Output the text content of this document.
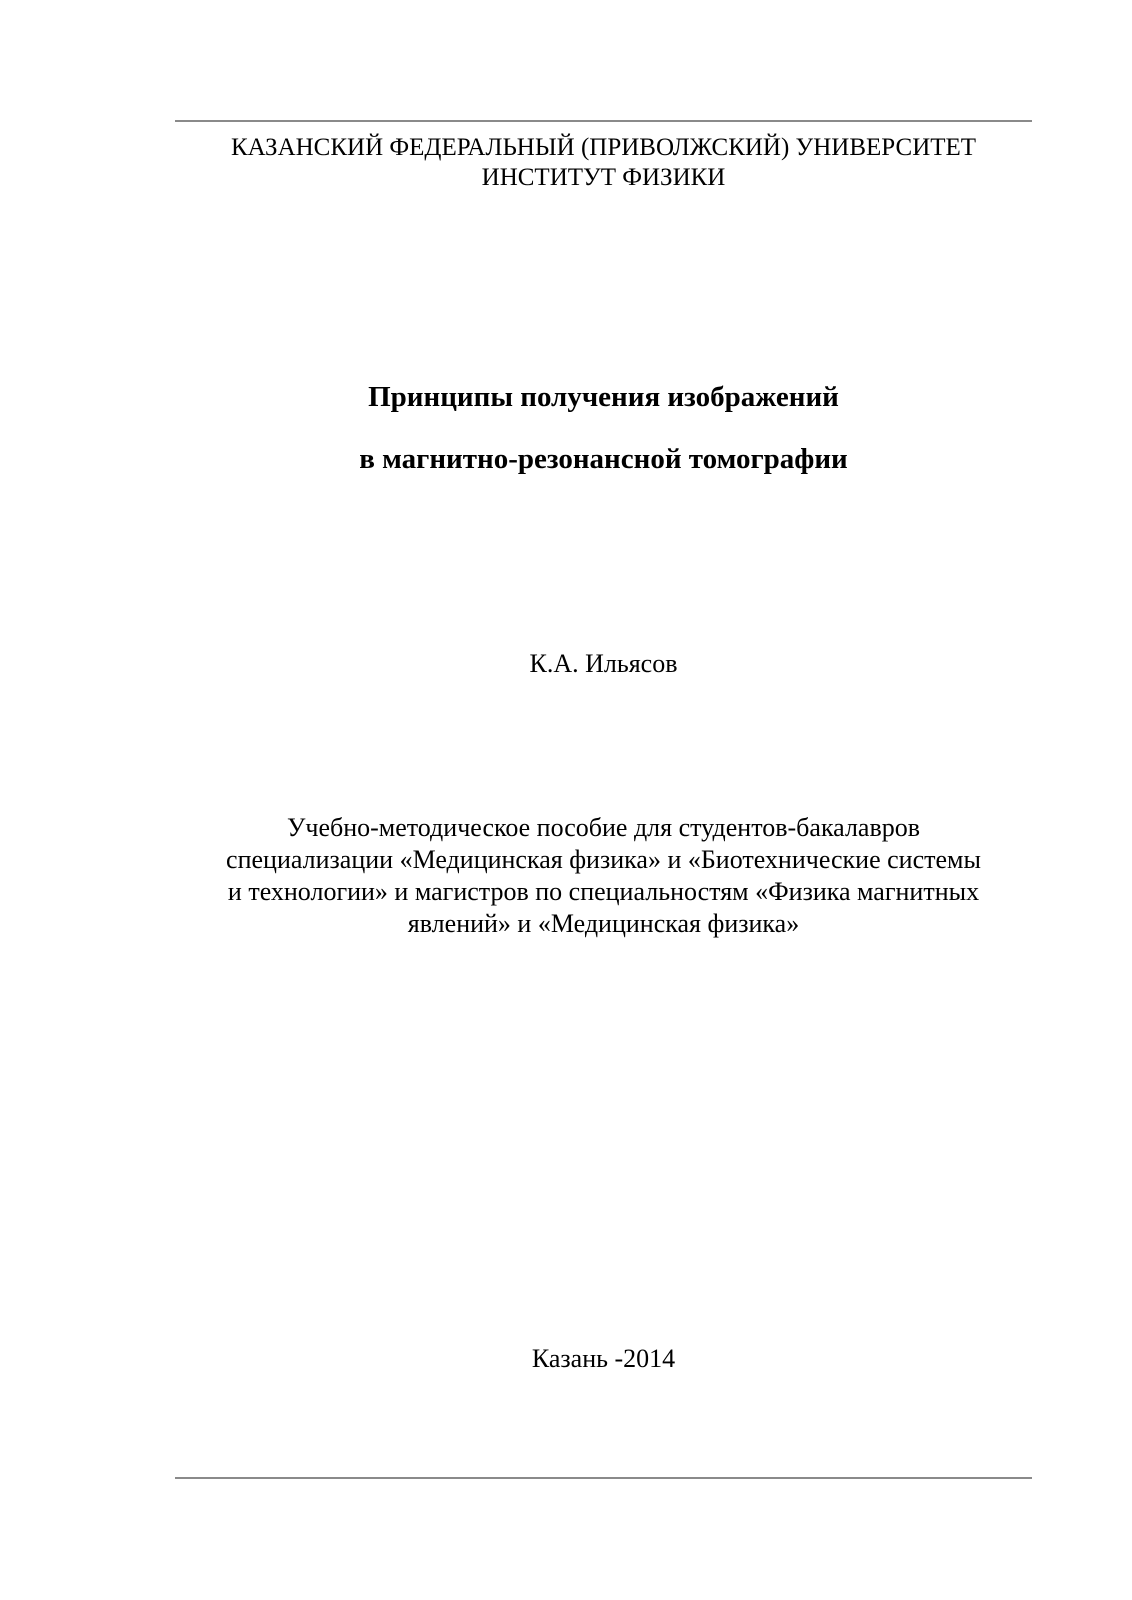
КАЗАНСКИЙ ФЕДЕРАЛЬНЫЙ (ПРИВОЛЖСКИЙ) УНИВЕРСИТЕТ
ИНСТИТУТ ФИЗИКИ
Принципы получения изображений
в магнитно-резонансной томографии
К.А. Ильясов
Учебно-методическое пособие для студентов-бакалавров
специализации «Медицинская физика» и «Биотехнические системы
и технологии» и магистров по специальностям «Физика магнитных
явлений» и «Медицинская физика»
Казань -2014
